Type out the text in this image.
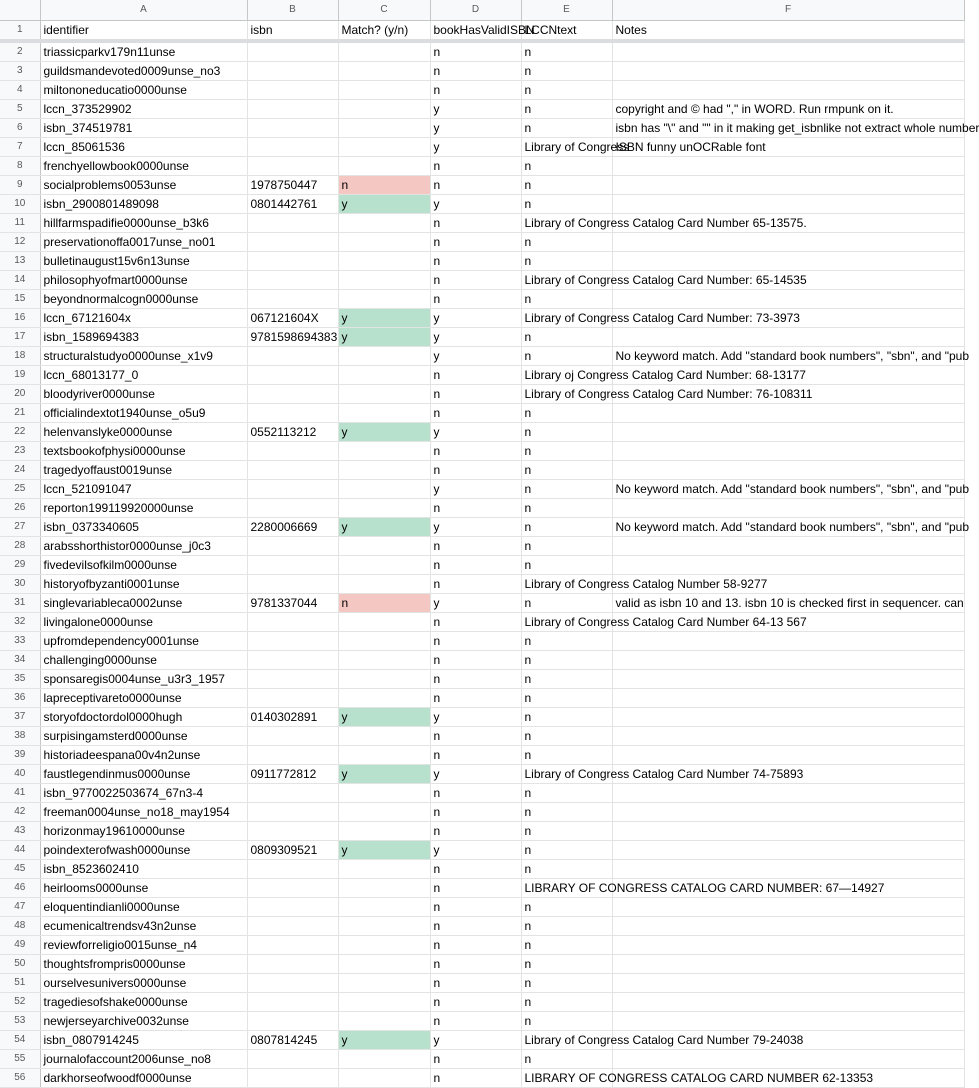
	A	B	C	D	E	F
1	identifier	isbn	Match? (y/n)	bookHasValidISBN	LCCNtext	Notes
2	triassicparkv179n11unse			n	n	
3	guildsmandevoted0009unse_no3			n	n	
4	miltononeducatio0000unse			n	n	
5	lccn_373529902			y	n	copyright and © had "," in WORD. Run rmpunk on it.
6	isbn_374519781			y	n	isbn has "\" and "" in it making get_isbnlike not extract whole number
7	lccn_85061536			y	Library of Congress	ISBN funny unOCRable font
8	frenchyellowbook0000unse			n	n	
9	socialproblems0053unse	1978750447	n	n	n	
10	isbn_2900801489098	0801442761	y	y	n	
11	hillfarmspadifie0000unse_b3k6			n	Library of Congress Catalog Card Number 65-13575.	
12	preservationoffa0017unse_no01			n	n	
13	bulletinaugust15v6n13unse			n	n	
14	philosophyofmart0000unse			n	Library of Congress Catalog Card Number: 65-14535	
15	beyondnormalcogn0000unse			n	n	
16	lccn_67121604x	067121604X	y	y	Library of Congress Catalog Card Number: 73-3973	
17	isbn_1589694383	9781598694383	y	y	n	
18	structuralstudyo0000unse_x1v9			y	n	No keyword match. Add "standard book numbers", "sbn", and "pub
19	lccn_68013177_0			n	Library oj Congress Catalog Card Number: 68-13177	
20	bloodyriver0000unse			n	Library of Congress Catalog Card Number: 76-108311	
21	officialindextot1940unse_o5u9			n	n	
22	helenvanslyke0000unse	0552113212	y	y	n	
23	textsbookofphysi0000unse			n	n	
24	tragedyoffaust0019unse			n	n	
25	lccn_521091047			y	n	No keyword match. Add "standard book numbers", "sbn", and "pub
26	reporton199119920000unse			n	n	
27	isbn_0373340605	2280006669	y	y	n	No keyword match. Add "standard book numbers", "sbn", and "pub
28	arabsshorthistor0000unse_j0c3			n	n	
29	fivedevilsofkilm0000unse			n	n	
30	historyofbyzanti0001unse			n	Library of Congress Catalog Number 58-9277	
31	singlevariableca0002unse	9781337044	n	y	n	valid as isbn 10 and 13. isbn 10 is checked first in sequencer. can
32	livingalone0000unse			n	Library of Congress Catalog Card Number 64-13 567	
33	upfromdependency0001unse			n	n	
34	challenging0000unse			n	n	
35	sponsaregis0004unse_u3r3_1957			n	n	
36	lapreceptivareto0000unse			n	n	
37	storyofdoctordol0000hugh	0140302891	y	y	n	
38	surpisingamsterd0000unse			n	n	
39	historiadeespana00v4n2unse			n	n	
40	faustlegendinmus0000unse	0911772812	y	y	Library of Congress Catalog Card Number 74-75893	
41	isbn_9770022503674_67n3-4			n	n	
42	freeman0004unse_no18_may1954			n	n	
43	horizonmay19610000unse			n	n	
44	poindexterofwash0000unse	0809309521	y	y	n	
45	isbn_8523602410			n	n	
46	heirlooms0000unse			n	LIBRARY OF CONGRESS CATALOG CARD NUMBER: 67—14927	
47	eloquentindianli0000unse			n	n	
48	ecumenicaltrendsv43n2unse			n	n	
49	reviewforreligio0015unse_n4			n	n	
50	thoughtsfrompris0000unse			n	n	
51	ourselvesunivers0000unse			n	n	
52	tragediesofshake0000unse			n	n	
53	newjerseyarchive0032unse			n	n	
54	isbn_0807914245	0807814245	y	y	Library of Congress Catalog Card Number 79-24038	
55	journalofaccount2006unse_no8			n	n	
56	darkhorseofwoodf0000unse			n	LIBRARY OF CONGRESS CATALOG CARD NUMBER 62-13353	
